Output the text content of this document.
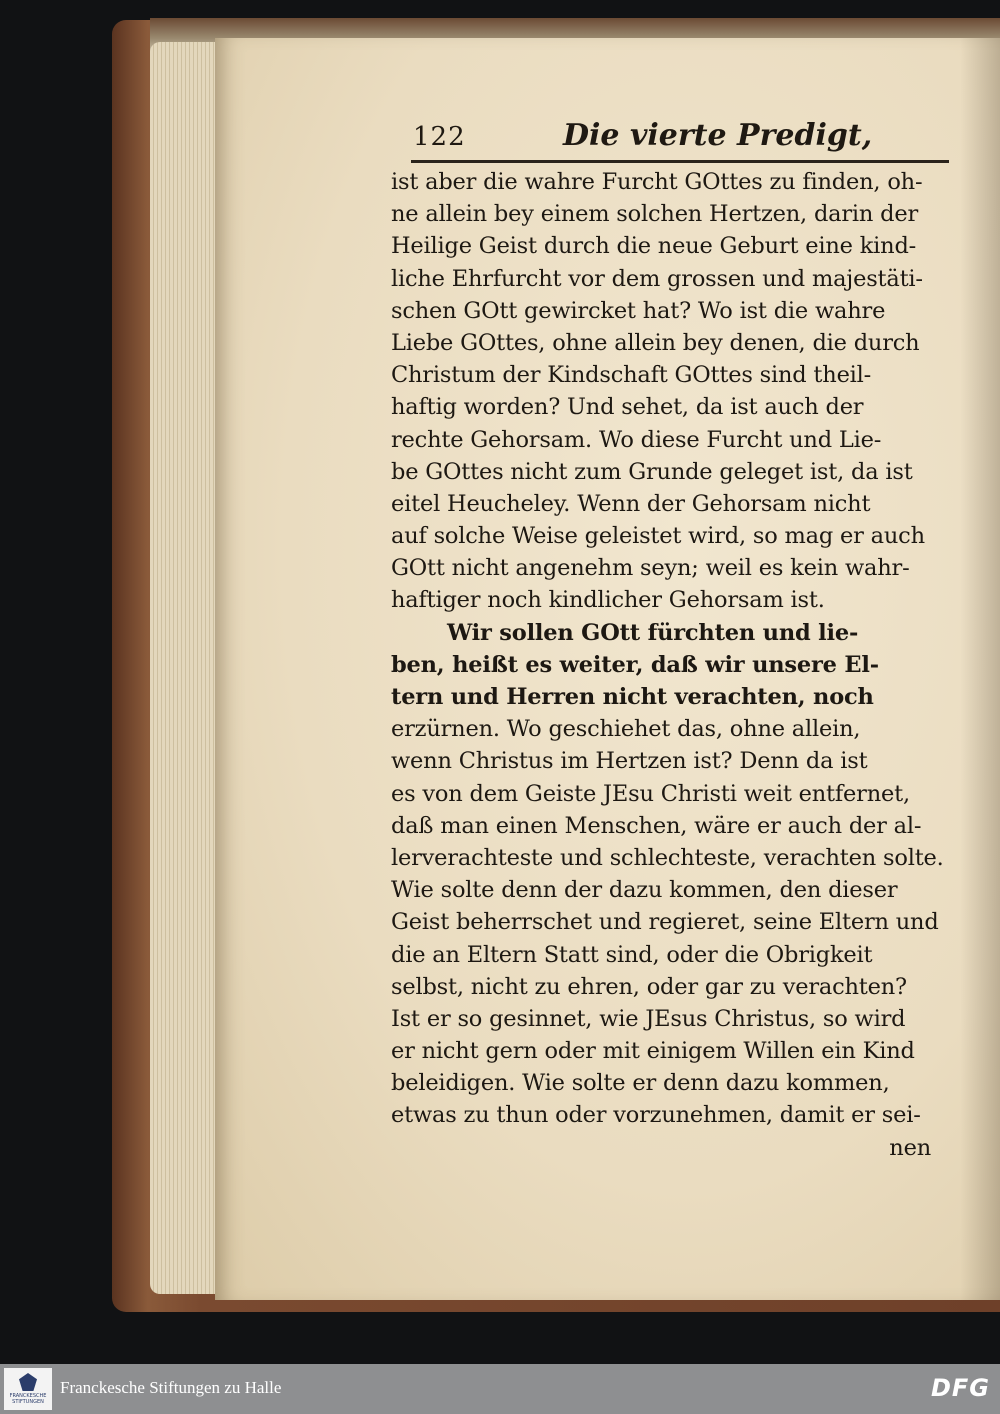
122	Die vierte Predigt,
ist aber die wahre Furcht GOttes zu finden, oh-
ne allein bey einem solchen Hertzen, darin der
Heilige Geist durch die neue Geburt eine kind-
liche Ehrfurcht vor dem grossen und majestäti-
schen GOtt gewircket hat? Wo ist die wahre
Liebe GOttes, ohne allein bey denen, die durch
Christum der Kindschaft GOttes sind theil-
haftig worden? Und sehet, da ist auch der
rechte Gehorsam. Wo diese Furcht und Lie-
be GOttes nicht zum Grunde geleget ist, da ist
eitel Heucheley. Wenn der Gehorsam nicht
auf solche Weise geleistet wird, so mag er auch
GOtt nicht angenehm seyn; weil es kein wahr-
haftiger noch kindlicher Gehorsam ist.
Wir sollen GOtt fürchten und lie-
ben, heißt es weiter, daß wir unsere El-
tern und Herren nicht verachten, noch
erzürnen. Wo geschiehet das, ohne allein,
wenn Christus im Hertzen ist? Denn da ist
es von dem Geiste JEsu Christi weit entfernet,
daß man einen Menschen, wäre er auch der al-
lerverachteste und schlechteste, verachten solte.
Wie solte denn der dazu kommen, den dieser
Geist beherrschet und regieret, seine Eltern und
die an Eltern Statt sind, oder die Obrigkeit
selbst, nicht zu ehren, oder gar zu verachten?
Ist er so gesinnet, wie JEsus Christus, so wird
er nicht gern oder mit einigem Willen ein Kind
beleidigen. Wie solte er denn dazu kommen,
etwas zu thun oder vorzunehmen, damit er sei-
nen
FRANCKESCHE STIFTUNGEN
Franckesche Stiftungen zu Halle	DFG
